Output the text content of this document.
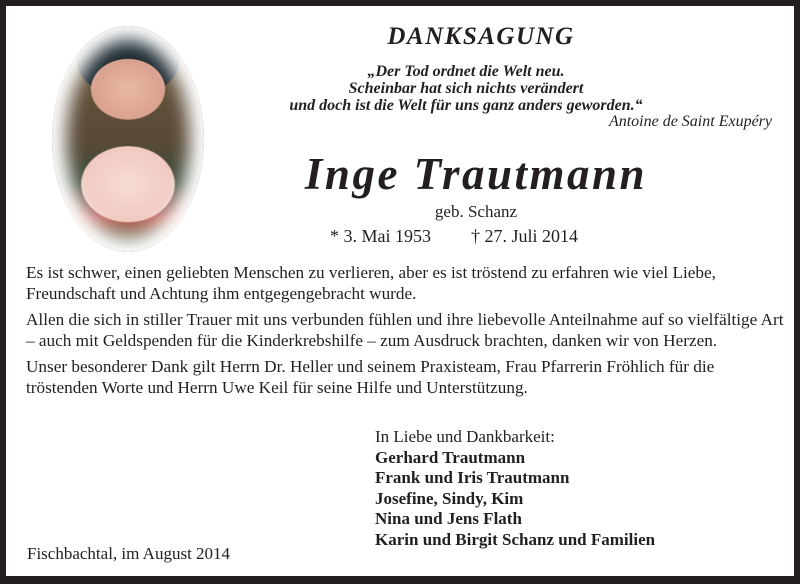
DANKSAGUNG
„Der Tod ordnet die Welt neu.
Scheinbar hat sich nichts verändert
und doch ist die Welt für uns ganz anders geworden.“
Antoine de Saint Exupéry
Inge Trautmann
geb. Schanz
* 3. Mai 1953 † 27. Juli 2014

Es ist schwer, einen geliebten Menschen zu verlieren, aber es ist tröstend zu erfahren wie viel Liebe, Freundschaft und Achtung ihm entgegengebracht wurde.

Allen die sich in stiller Trauer mit uns verbunden fühlen und ihre liebevolle Anteilnahme auf so vielfältige Art – auch mit Geldspenden für die Kinderkrebshilfe – zum Ausdruck brachten, danken wir von Herzen.

Unser besonderer Dank gilt Herrn Dr. Heller und seinem Praxisteam, Frau Pfarrerin Fröhlich für die tröstenden Worte und Herrn Uwe Keil für seine Hilfe und Unterstützung.

In Liebe und Dankbarkeit:
Gerhard Trautmann
Frank und Iris Trautmann
Josefine, Sindy, Kim
Nina und Jens Flath
Karin und Birgit Schanz und Familien
Fischbachtal, im August 2014
